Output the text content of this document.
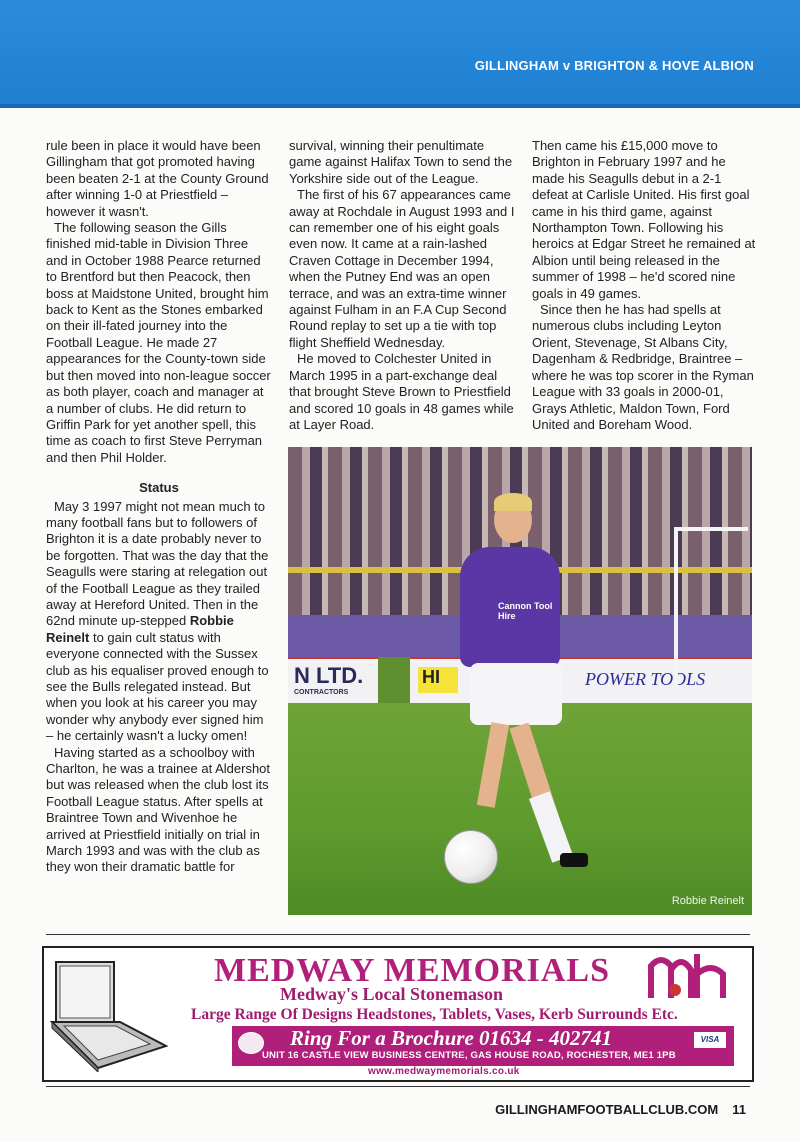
GILLINGHAM v BRIGHTON & HOVE ALBION

rule been in place it would have been Gillingham that got promoted having been beaten 2-1 at the County Ground after winning 1-0 at Priestfield – however it wasn't.

The following season the Gills finished mid-table in Division Three and in October 1988 Pearce returned to Brentford but then Peacock, then boss at Maidstone United, brought him back to Kent as the Stones embarked on their ill-fated journey into the Football League. He made 27 appearances for the County-town side but then moved into non-league soccer as both player, coach and manager at a number of clubs. He did return to Griffin Park for yet another spell, this time as coach to first Steve Perryman and then Phil Holder.

Status

May 3 1997 might not mean much to many football fans but to followers of Brighton it is a date probably never to be forgotten. That was the day that the Seagulls were staring at relegation out of the Football League as they trailed away at Hereford United. Then in the 62nd minute up-stepped Robbie Reinelt to gain cult status with everyone connected with the Sussex club as his equaliser proved enough to see the Bulls relegated instead. But when you look at his career you may wonder why anybody ever signed him – he certainly wasn't a lucky omen!

Having started as a schoolboy with Charlton, he was a trainee at Aldershot but was released when the club lost its Football League status. After spells at Braintree Town and Wivenhoe he arrived at Priestfield initially on trial in March 1993 and was with the club as they won their dramatic battle for

survival, winning their penultimate game against Halifax Town to send the Yorkshire side out of the League.

The first of his 67 appearances came away at Rochdale in August 1993 and I can remember one of his eight goals even now. It came at a rain-lashed Craven Cottage in December 1994, when the Putney End was an open terrace, and was an extra-time winner against Fulham in an F.A Cup Second Round replay to set up a tie with top flight Sheffield Wednesday.

He moved to Colchester United in March 1995 in a part-exchange deal that brought Steve Brown to Priestfield and scored 10 goals in 48 games while at Layer Road.

Then came his £15,000 move to Brighton in February 1997 and he made his Seagulls debut in a 2-1 defeat at Carlisle United. His first goal came in his third game, against Northampton Town. Following his heroics at Edgar Street he remained at Albion until being released in the summer of 1998 – he'd scored nine goals in 49 games.

Since then he has had spells at numerous clubs including Leyton Orient, Stevenage, St Albans City, Dagenham & Redbridge, Braintree – where he was top scorer in the Ryman League with 33 goals in 2000-01, Grays Athletic, Maldon Town, Ford United and Boreham Wood.

N LTD.
CONTRACTORS
HI	POWER TOOLS
Cannon Tool Hire
Robbie Reinelt
MEDWAY MEMORIALS
Medway's Local Stonemason
Large Range Of Designs Headstones, Tablets, Vases, Kerb Surrounds Etc.
Ring For a Brochure 01634 - 402741	VISA
UNIT 16 CASTLE VIEW BUSINESS CENTRE, GAS HOUSE ROAD, ROCHESTER, ME1 1PB
www.medwaymemorials.co.uk
GILLINGHAMFOOTBALLCLUB.COM 11
